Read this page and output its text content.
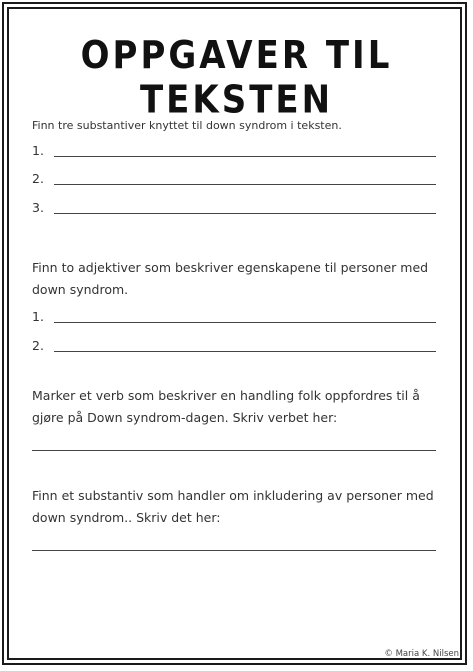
OPPGAVER TIL TEKSTEN
Finn tre substantiver knyttet til down syndrom i teksten.
1.
2.
3.
Finn to adjektiver som beskriver egenskapene til personer med
down syndrom.
1.
2.
Marker et verb som beskriver en handling folk oppfordres til å
gjøre på Down syndrom-dagen. Skriv verbet her:
Finn et substantiv som handler om inkludering av personer med
down syndrom.. Skriv det her:
© Maria K. Nilsen
